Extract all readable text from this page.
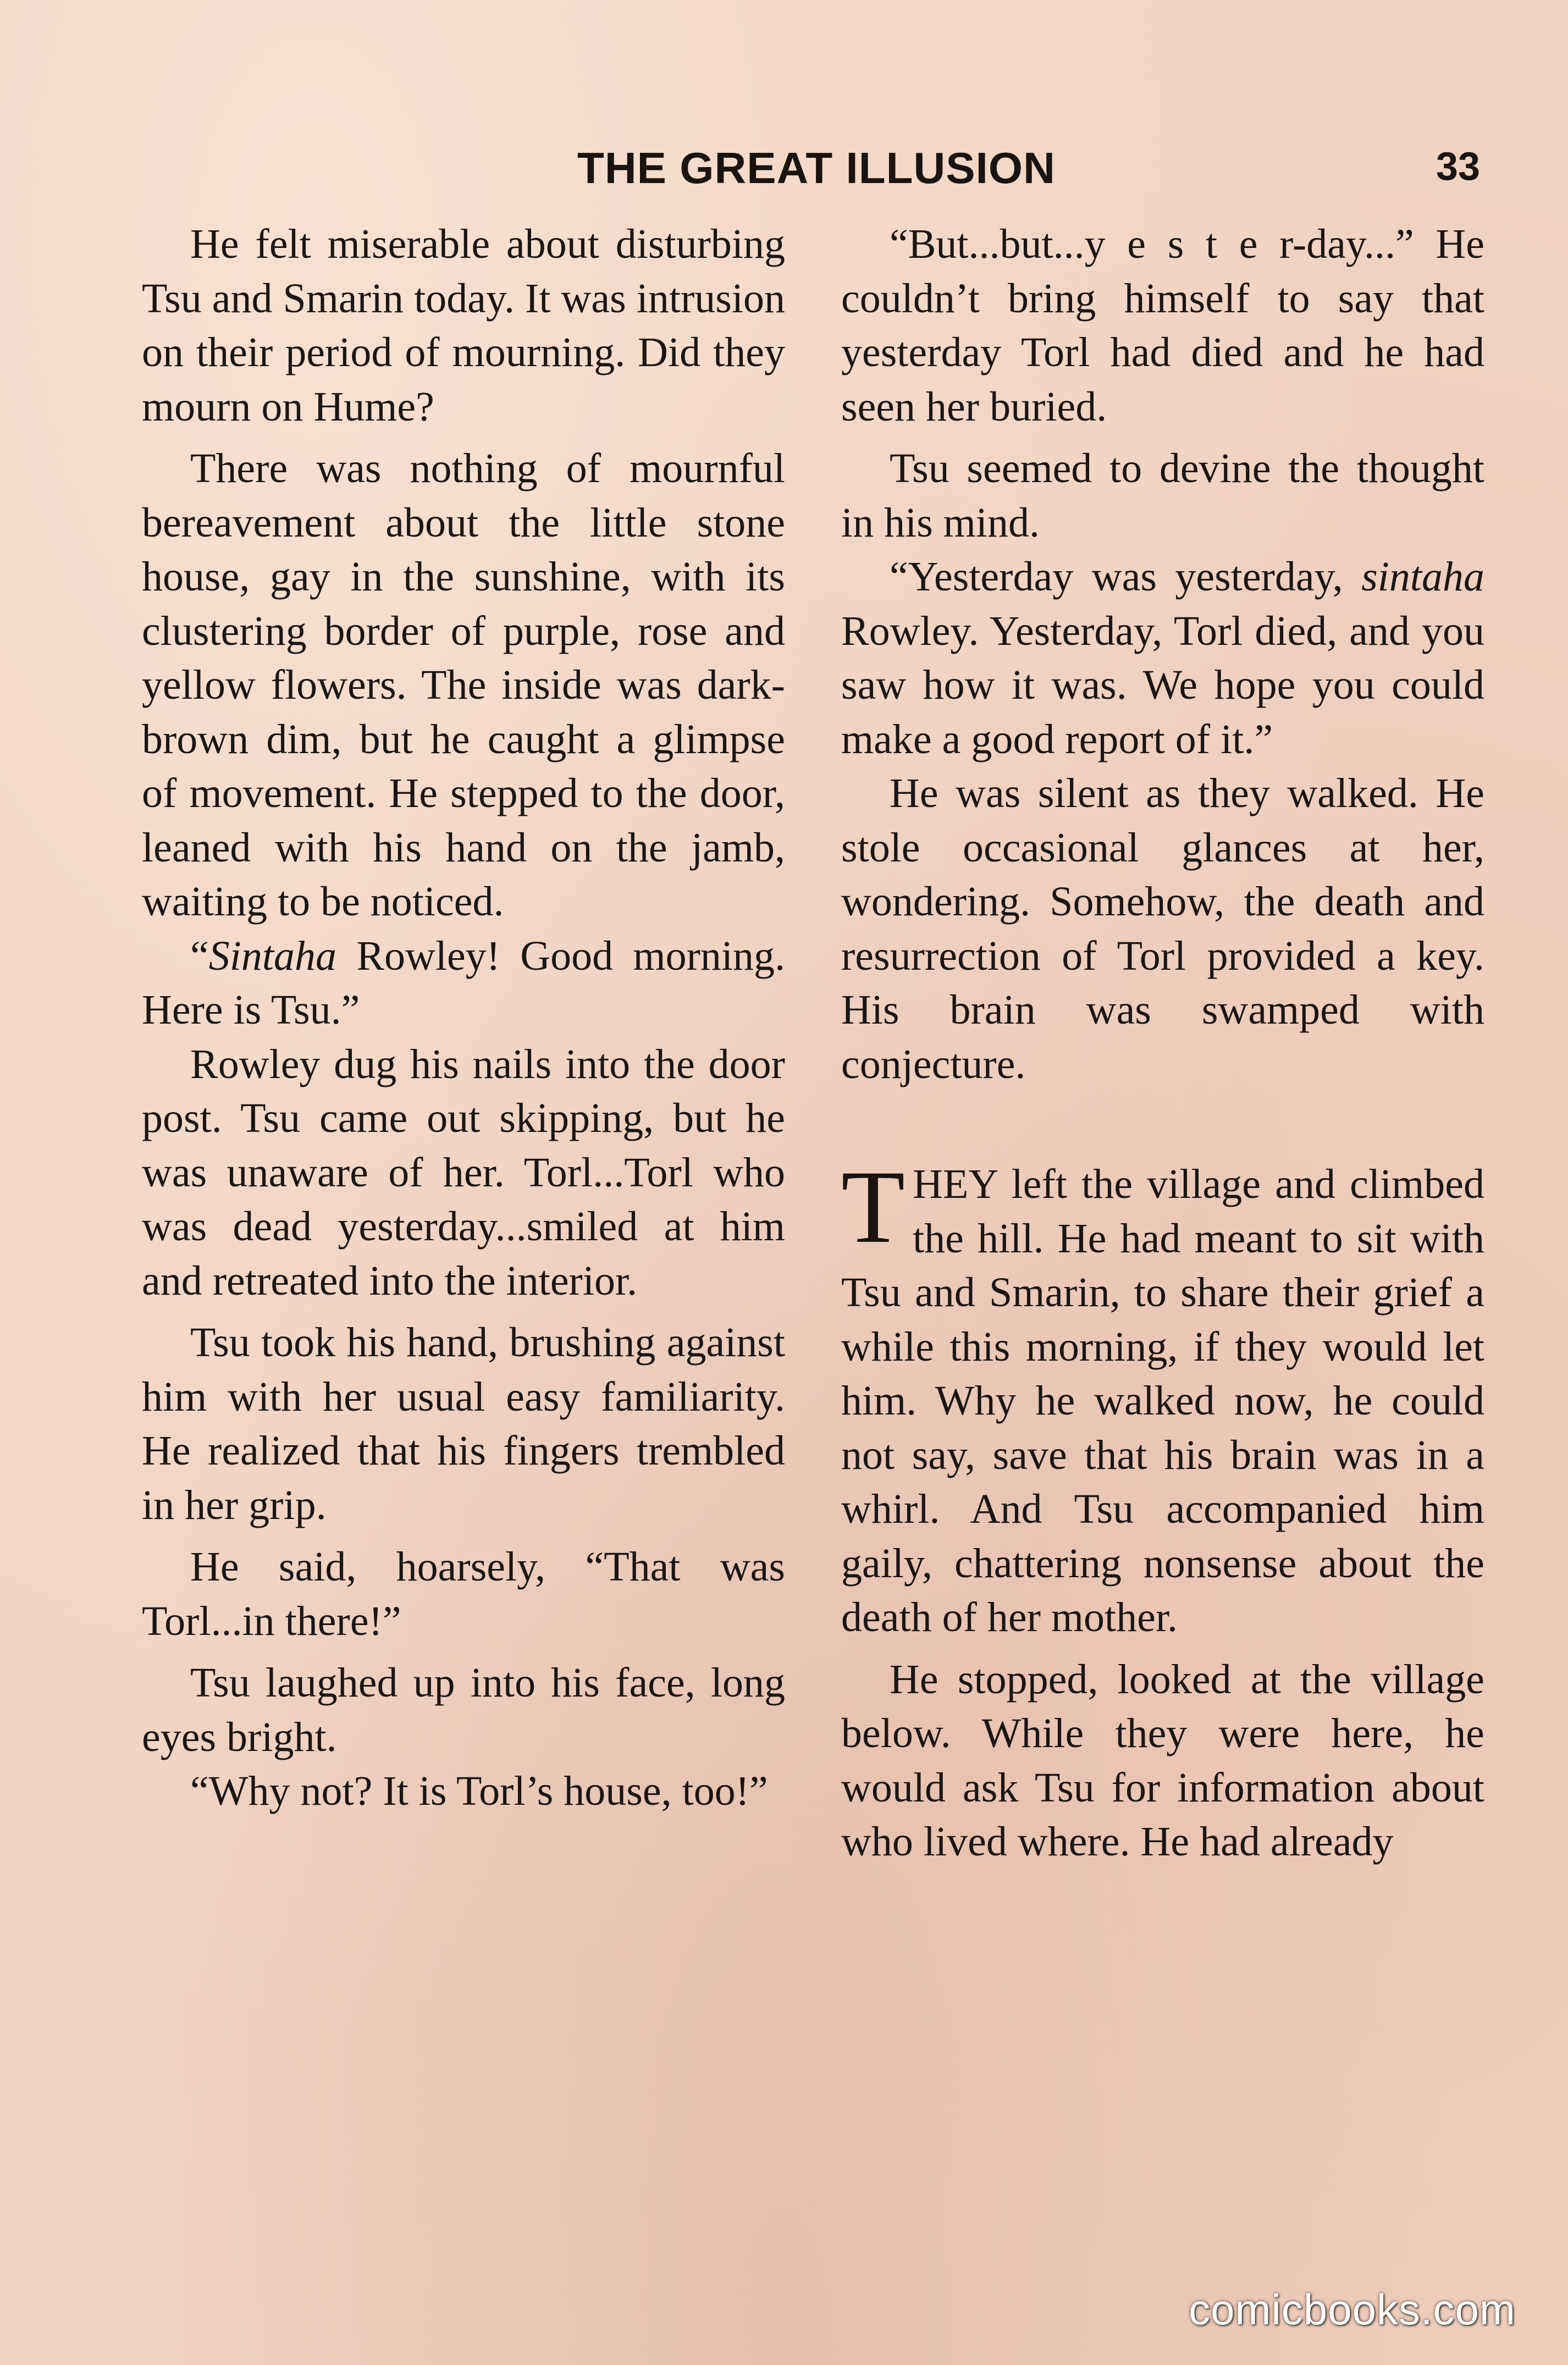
THE GREAT ILLUSION	33

He felt miserable about disturbing Tsu and Smarin today. It was intrusion on their period of mourning. Did they mourn on Hume?

There was nothing of mournful bereavement about the little stone house, gay in the sunshine, with its clustering border of purple, rose and yellow flowers. The inside was dark-brown dim, but he caught a glimpse of movement. He stepped to the door, leaned with his hand on the jamb, waiting to be noticed.

“Sintaha Rowley! Good morning. Here is Tsu.”

Rowley dug his nails into the door post. Tsu came out skipping, but he was unaware of her. Torl...Torl who was dead yesterday...smiled at him and retreated into the interior.

Tsu took his hand, brushing against him with her usual easy familiarity. He realized that his fingers trembled in her grip.

He said, hoarsely, “That was Torl...in there!”

Tsu laughed up into his face, long eyes bright.

“Why not? It is Torl’s house, too!”

“But...but...y e s t e r-day...” He couldn’t bring himself to say that yesterday Torl had died and he had seen her buried.

Tsu seemed to devine the thought in his mind.

“Yesterday was yesterday, sintaha Rowley. Yesterday, Torl died, and you saw how it was. We hope you could make a good report of it.”

He was silent as they walked. He stole occasional glances at her, wondering. Somehow, the death and resurrection of Torl provided a key. His brain was swamped with conjecture.

THEY left the village and climbed the hill. He had meant to sit with Tsu and Smarin, to share their grief a while this morning, if they would let him. Why he walked now, he could not say, save that his brain was in a whirl. And Tsu accompanied him gaily, chattering nonsense about the death of her mother.

He stopped, looked at the village below. While they were here, he would ask Tsu for information about who lived where. He had already

comicbooks.com
